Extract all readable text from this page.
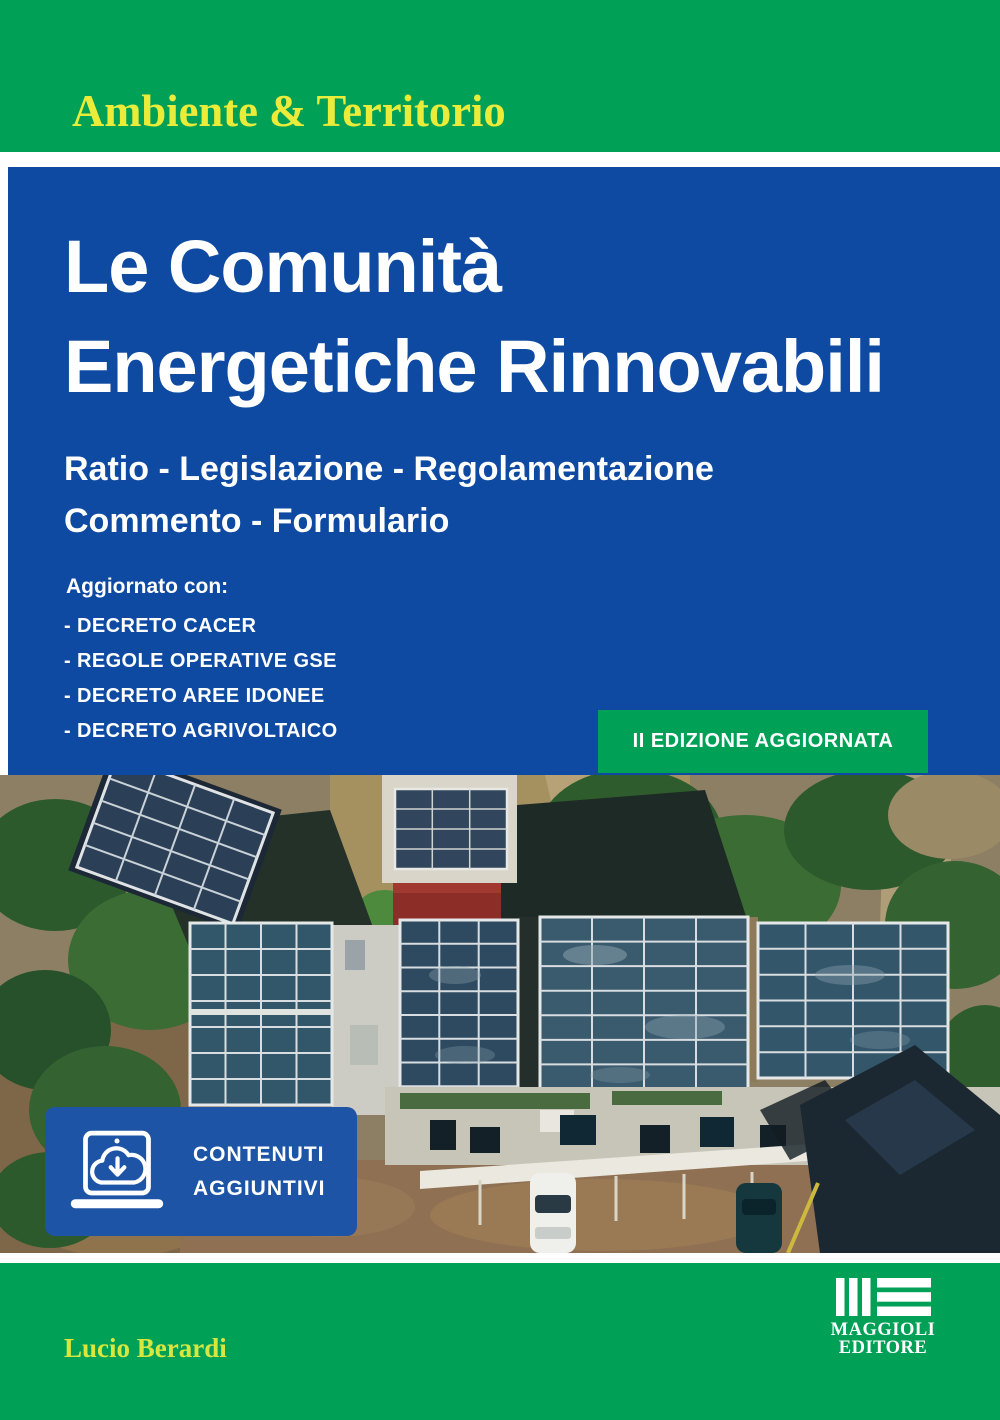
Ambiente & Territorio
Le Comunità
Energetiche Rinnovabili
Ratio - Legislazione - Regolamentazione
Commento - Formulario
Aggiornato con:
- DECRETO CACER
- REGOLE OPERATIVE GSE
- DECRETO AREE IDONEE
- DECRETO AGRIVOLTAICO	II EDIZIONE AGGIORNATA
CONTENUTI
AGGIUNTIVI
Lucio Berardi
MAGGIOLI
EDITORE
